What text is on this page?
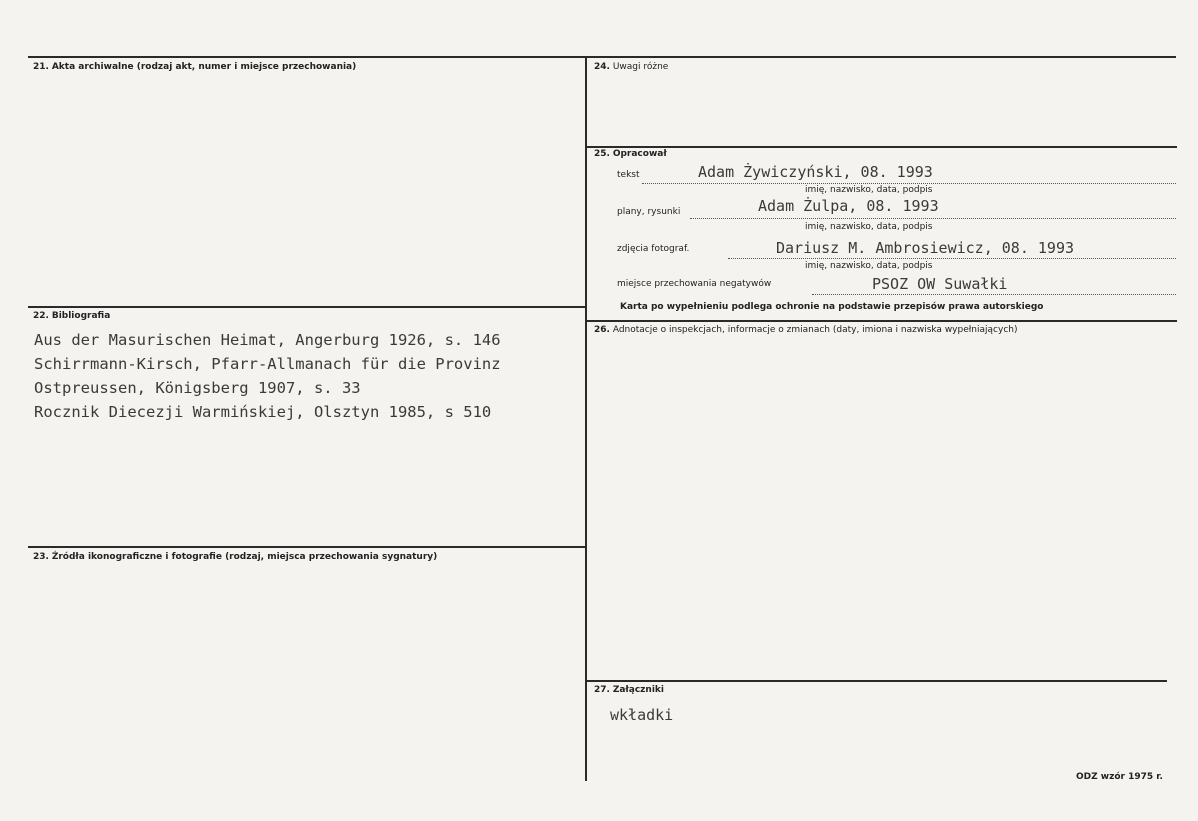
21. Akta archiwalne (rodzaj akt, numer i miejsce przechowania)
22. Bibliografia
Aus der Masurischen Heimat, Angerburg 1926, s. 146
Schirrmann-Kirsch, Pfarr-Allmanach für die Provinz
Ostpreussen, Königsberg 1907, s. 33
Rocznik Diecezji Warmińskiej, Olsztyn 1985, s 510
23. Źródła ikonograficzne i fotografie (rodzaj, miejsca przechowania sygnatury)
24. Uwagi różne
25. Opracował
tekst	Adam Żywiczyński, 08. 1993
imię, nazwisko, data, podpis
plany, rysunki	Adam Żulpa, 08. 1993
imię, nazwisko, data, podpis
zdjęcia fotograf.	Dariusz M. Ambrosiewicz, 08. 1993
imię, nazwisko, data, podpis
miejsce przechowania negatywów	PSOZ OW Suwałki
Karta po wypełnieniu podlega ochronie na podstawie przepisów prawa autorskiego
26. Adnotacje o inspekcjach, informacje o zmianach (daty, imiona i nazwiska wypełniających)
27. Załączniki
wkładki
ODZ wzór 1975 r.
